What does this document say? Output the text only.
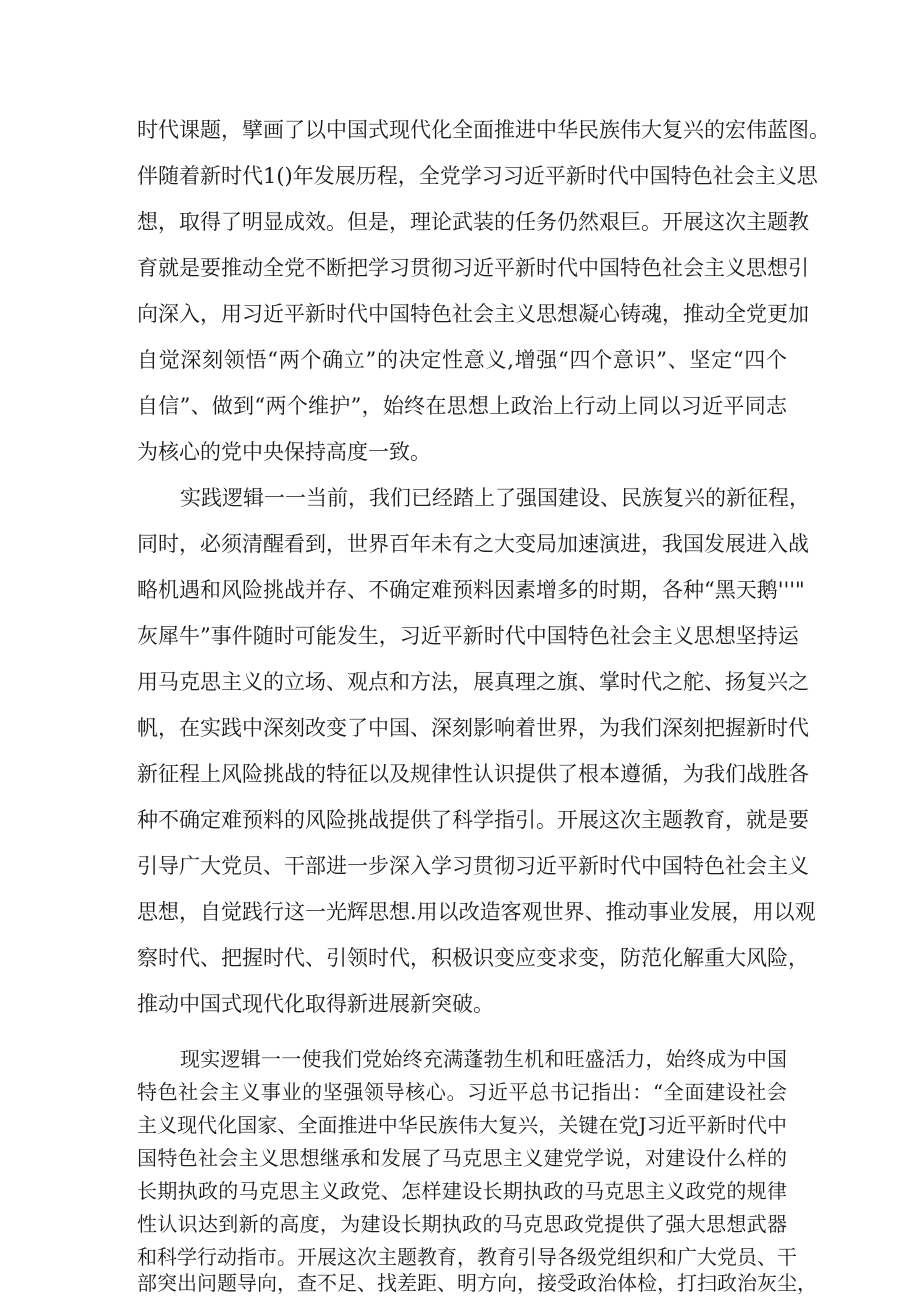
时代课题，擘画了以中国式现代化全面推进中华民族伟大复兴的宏伟蓝图。

伴随着新时代1()年发展历程，全党学习习近平新时代中国特色社会主义思

想，取得了明显成效。但是，理论武装的任务仍然艰巨。开展这次主题教

育就是要推动全党不断把学习贯彻习近平新时代中国特色社会主义思想引

向深入，用习近平新时代中国特色社会主义思想凝心铸魂，推动全党更加

自觉深刻领悟“两个确立”的决定性意义,增强“四个意识”、坚定“四个

自信”、做到“两个维护”，始终在思想上政治上行动上同以习近平同志

为核心的党中央保持高度一致。

实践逻辑一一当前，我们已经踏上了强国建设、民族复兴的新征程，

同时，必须清醒看到，世界百年未有之大变局加速演进，我国发展进入战

略机遇和风险挑战并存、不确定难预料因素增多的时期，各种“黑天鹅'''"

灰犀牛”事件随时可能发生，习近平新时代中国特色社会主义思想坚持运

用马克思主义的立场、观点和方法，展真理之旗、掌时代之舵、扬复兴之

帆，在实践中深刻改变了中国、深刻影响着世界，为我们深刻把握新时代

新征程上风险挑战的特征以及规律性认识提供了根本遵循，为我们战胜各

种不确定难预料的风险挑战提供了科学指引。开展这次主题教育，就是要

引导广大党员、干部进一步深入学习贯彻习近平新时代中国特色社会主义

思想，自觉践行这一光辉思想.用以改造客观世界、推动事业发展，用以观

察时代、把握时代、引领时代，积极识变应变求变，防范化解重大风险，

推动中国式现代化取得新进展新突破。

现实逻辑一一使我们党始终充满蓬勃生机和旺盛活力，始终成为中国

特色社会主义事业的坚强领导核心。习近平总书记指出：“全面建设社会

主义现代化国家、全面推进中华民族伟大复兴，关键在党J习近平新时代中

国特色社会主义思想继承和发展了马克思主义建党学说，对建设什么样的

长期执政的马克思主义政党、怎样建设长期执政的马克思主义政党的规律

性认识达到新的高度，为建设长期执政的马克思政党提供了强大思想武器

和科学行动指市。开展这次主题教育，教育引导各级党组织和广大党员、干

部突出问题导向，查不足、找差距、明方向，接受政治体检，打扫政治灰尘，
